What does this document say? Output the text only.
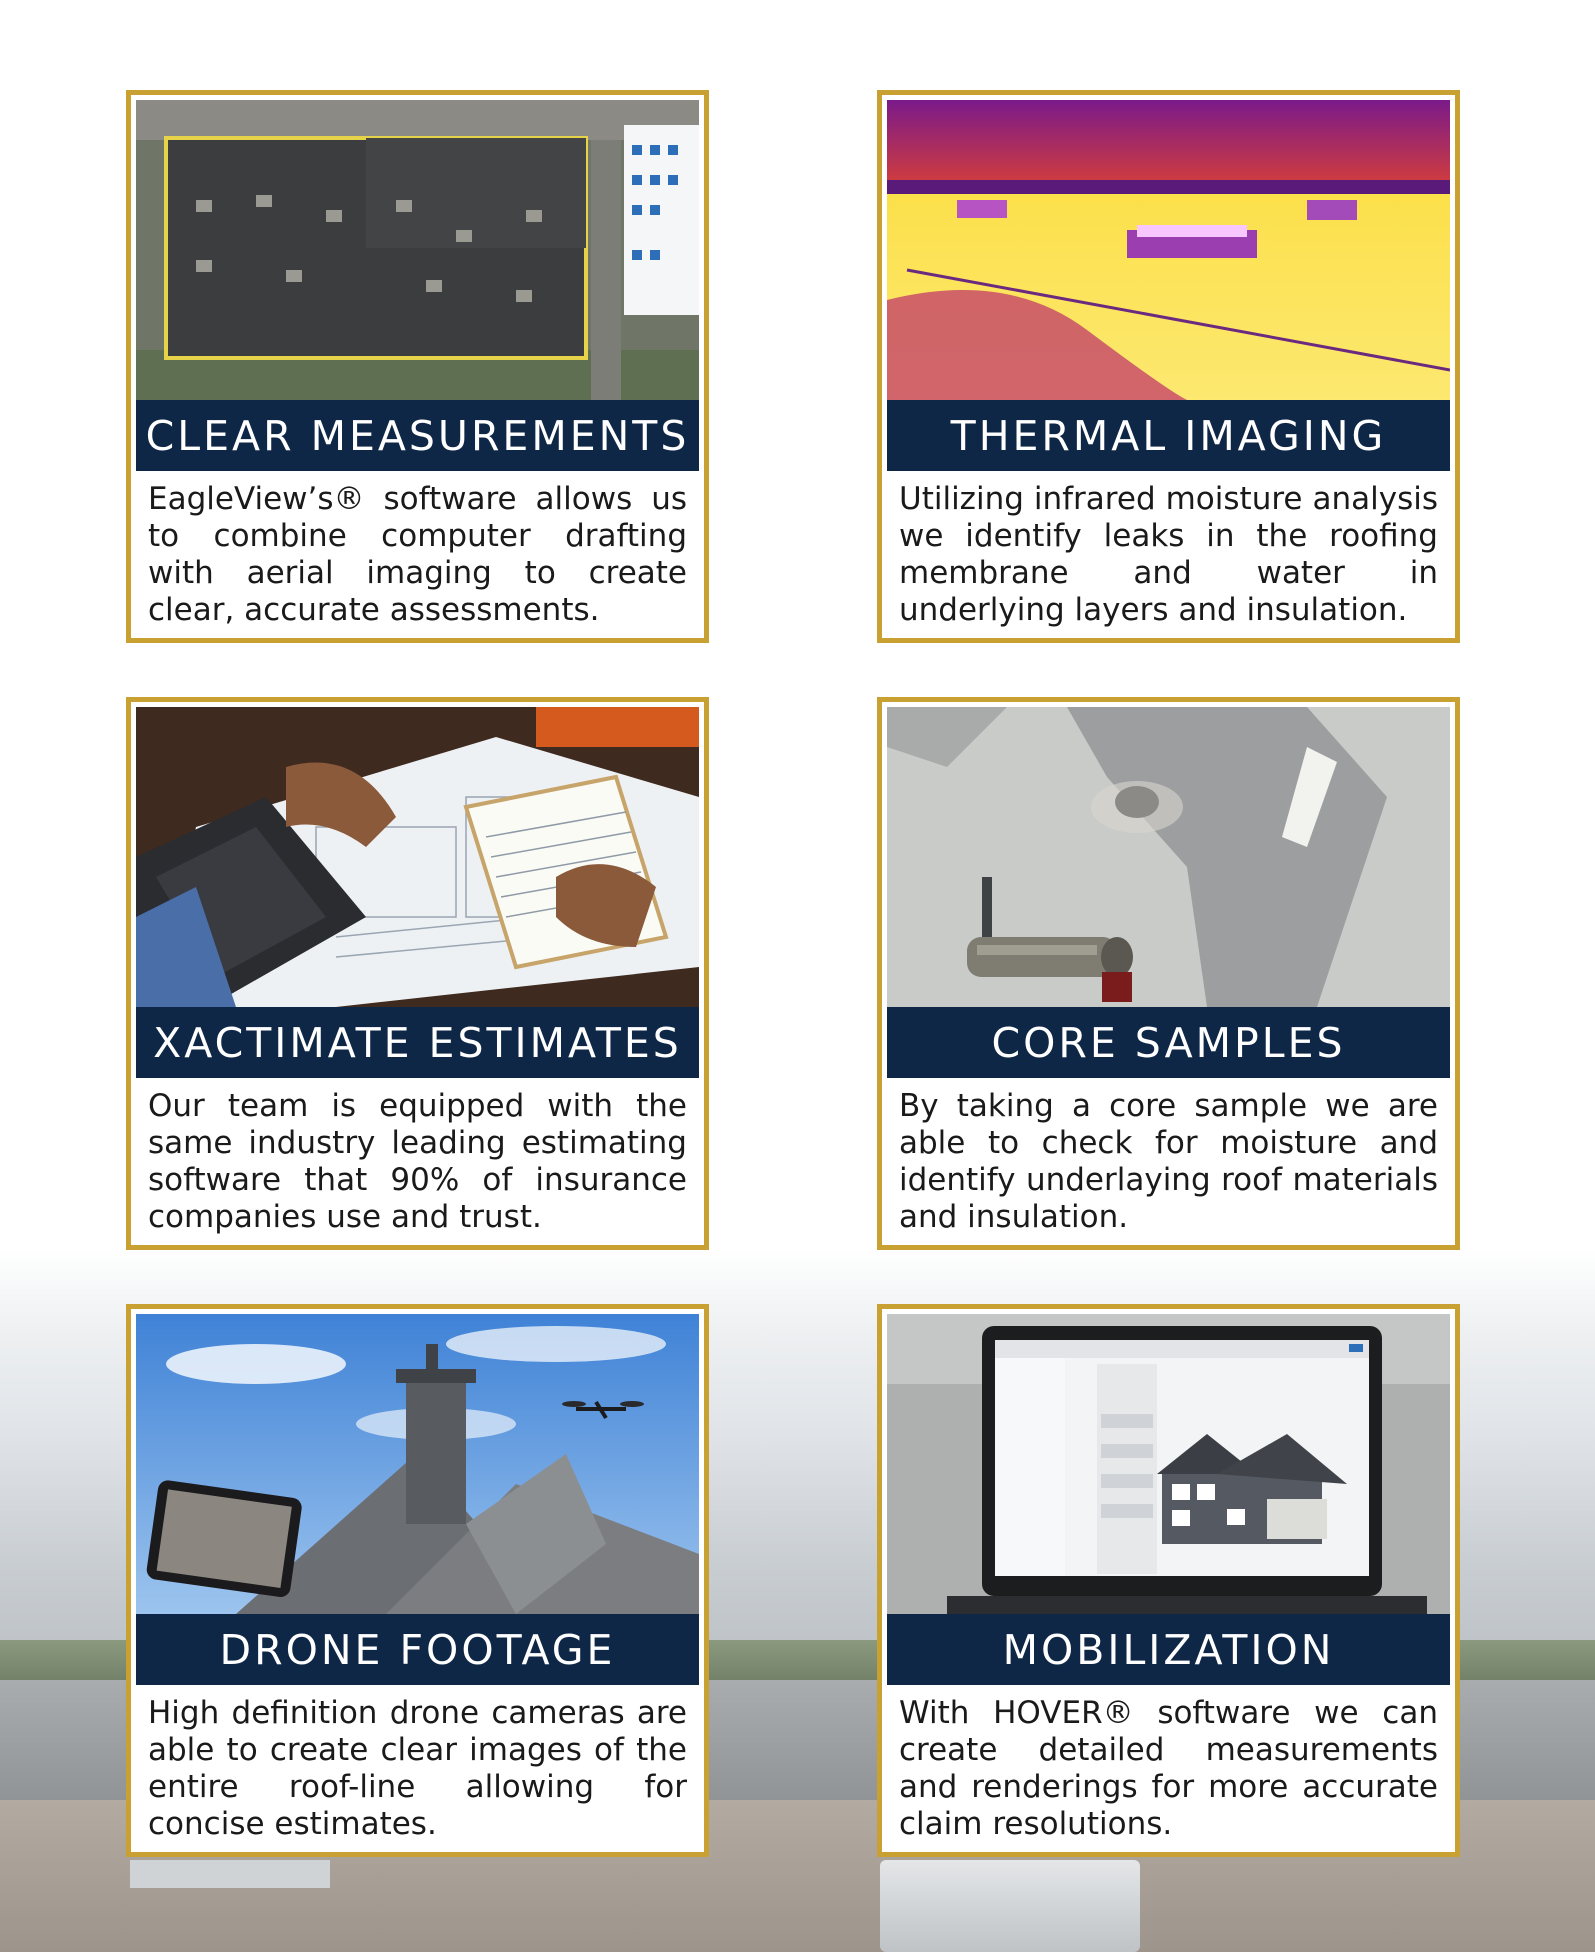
CLEAR MEASUREMENTS
EagleView’s® software allows us to combine computer drafting with aerial imaging to create clear, accurate assessments.
THERMAL IMAGING
Utilizing infrared moisture analysis we identify leaks in the roofing membrane and water in underlying layers and insulation.
XACTIMATE ESTIMATES
Our team is equipped with the same industry leading estimating software that 90% of insurance companies use and trust.
CORE SAMPLES
By taking a core sample we are able to check for moisture and identify underlaying roof materials and insulation.
DRONE FOOTAGE
High definition drone cameras are able to create clear images of the entire roof-line allowing for concise estimates.
MOBILIZATION
With HOVER® software we can create detailed measurements and renderings for more accurate claim resolutions.
